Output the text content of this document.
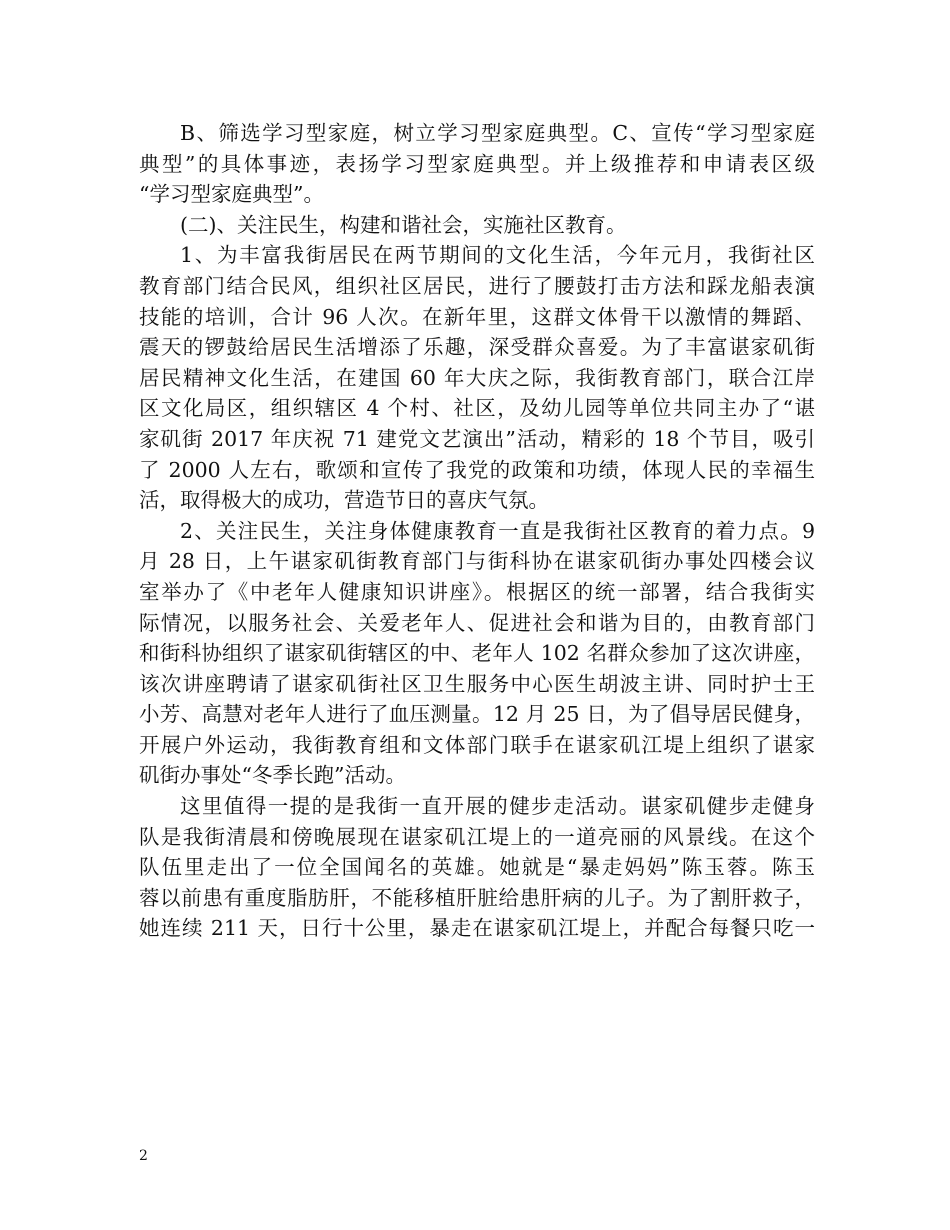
B、筛选学习型家庭，树立学习型家庭典型。C、宣传“学习型家庭
典型”的具体事迹，表扬学习型家庭典型。并上级推荐和申请表区级
“学习型家庭典型”。
(二)、关注民生，构建和谐社会，实施社区教育。
1、为丰富我街居民在两节期间的文化生活，今年元月，我街社区
教育部门结合民风，组织社区居民，进行了腰鼓打击方法和踩龙船表演
技能的培训，合计 96 人次。在新年里，这群文体骨干以激情的舞蹈、
震天的锣鼓给居民生活增添了乐趣，深受群众喜爱。为了丰富谌家矶街
居民精神文化生活，在建国 60 年大庆之际，我街教育部门，联合江岸
区文化局区，组织辖区 4 个村、社区，及幼儿园等单位共同主办了“谌
家矶街 2017 年庆祝 71 建党文艺演出”活动，精彩的 18 个节目，吸引
了 2000 人左右，歌颂和宣传了我党的政策和功绩，体现人民的幸福生
活，取得极大的成功，营造节日的喜庆气氛。
2、关注民生，关注身体健康教育一直是我街社区教育的着力点。9
月 28 日，上午谌家矶街教育部门与街科协在谌家矶街办事处四楼会议
室举办了《中老年人健康知识讲座》。根据区的统一部署，结合我街实
际情况，以服务社会、关爱老年人、促进社会和谐为目的，由教育部门
和街科协组织了谌家矶街辖区的中、老年人 102 名群众参加了这次讲座，
该次讲座聘请了谌家矶街社区卫生服务中心医生胡波主讲、同时护士王
小芳、高慧对老年人进行了血压测量。12 月 25 日，为了倡导居民健身，
开展户外运动，我街教育组和文体部门联手在谌家矶江堤上组织了谌家
矶街办事处“冬季长跑”活动。
这里值得一提的是我街一直开展的健步走活动。谌家矶健步走健身
队是我街清晨和傍晚展现在谌家矶江堤上的一道亮丽的风景线。在这个
队伍里走出了一位全国闻名的英雄。她就是“暴走妈妈”陈玉蓉。陈玉
蓉以前患有重度脂肪肝，不能移植肝脏给患肝病的儿子。为了割肝救子，
她连续 211 天，日行十公里，暴走在谌家矶江堤上，并配合每餐只吃一
2
